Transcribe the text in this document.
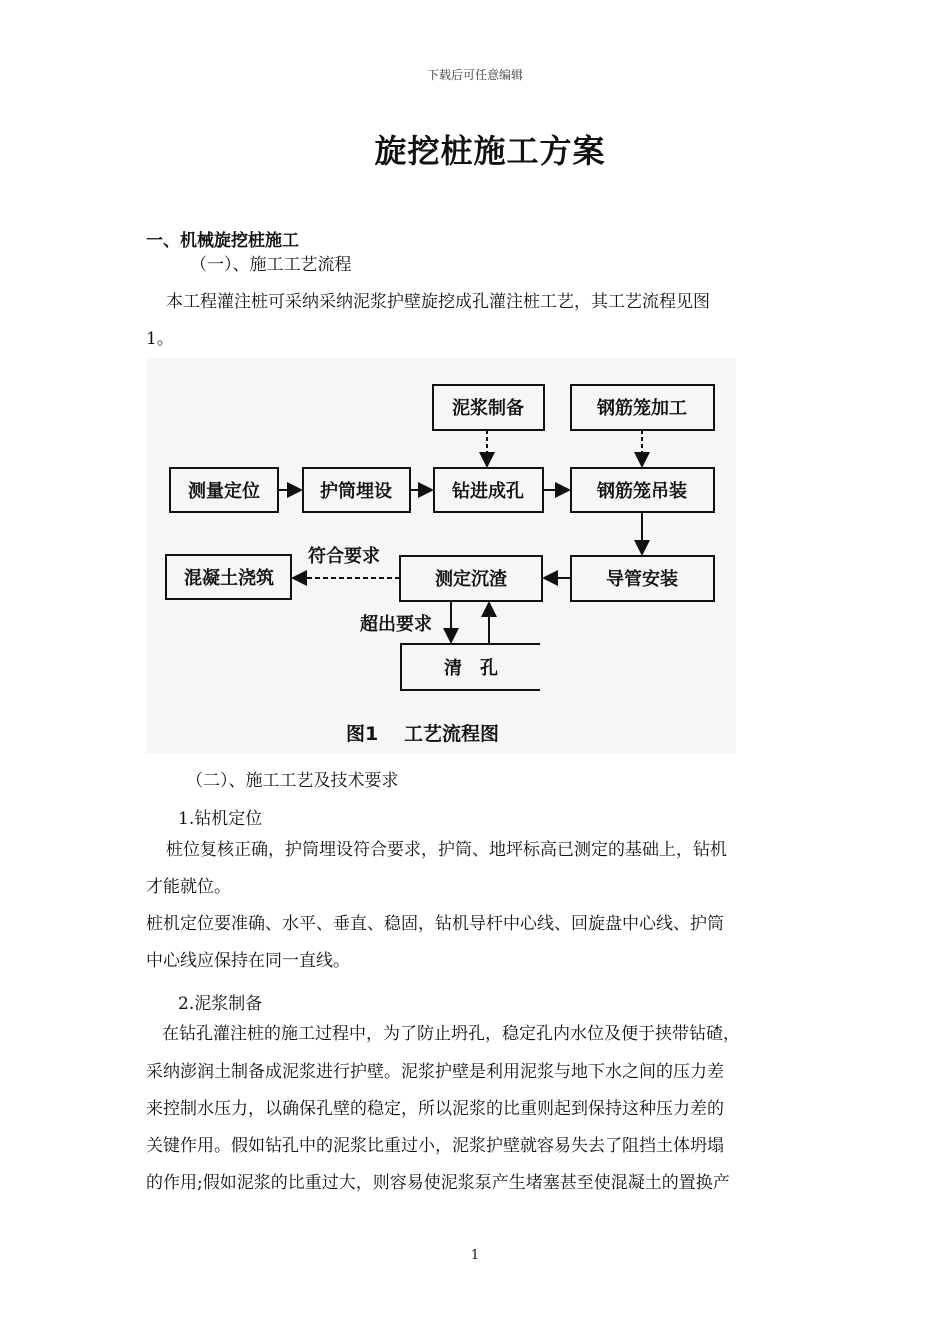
下载后可任意编辑
旋挖桩施工方案
一、机械旋挖桩施工
（一）、施工工艺流程
本工程灌注桩可采纳采纳泥浆护壁旋挖成孔灌注桩工艺，其工艺流程见图
1。
泥浆制备	钢筋笼加工
测量定位	护筒埋设	钻进成孔	钢筋笼吊装
混凝土浇筑	测定沉渣	导管安装
清　孔
符合要求
超出要求
图1 工艺流程图
（二）、施工工艺及技术要求
1.钻机定位
桩位复核正确，护筒埋设符合要求，护筒、地坪标高已测定的基础上，钻机
才能就位。
桩机定位要准确、水平、垂直、稳固，钻机导杆中心线、回旋盘中心线、护筒
中心线应保持在同一直线。
2.泥浆制备
在钻孔灌注桩的施工过程中，为了防止坍孔，稳定孔内水位及便于挟带钻碴，
采纳澎润土制备成泥浆进行护壁。泥浆护壁是利用泥浆与地下水之间的压力差
来控制水压力，以确保孔壁的稳定，所以泥浆的比重则起到保持这种压力差的
关键作用。假如钻孔中的泥浆比重过小，泥浆护壁就容易失去了阻挡土体坍塌
的作用;假如泥浆的比重过大，则容易使泥浆泵产生堵塞甚至使混凝土的置换产
1
